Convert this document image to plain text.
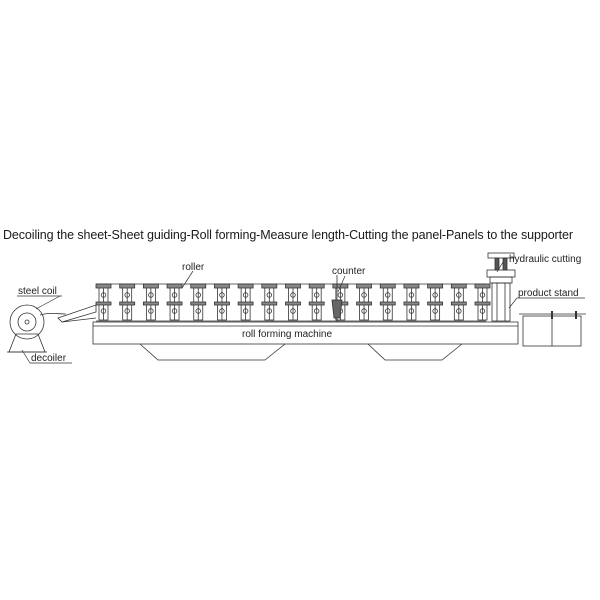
Decoiling the sheet-Sheet guiding-Roll forming-Measure length-Cutting the panel-Panels to the supporter
roller	counter
hydraulic cutting
steel coil	product stand
roll forming machine
decoiler
